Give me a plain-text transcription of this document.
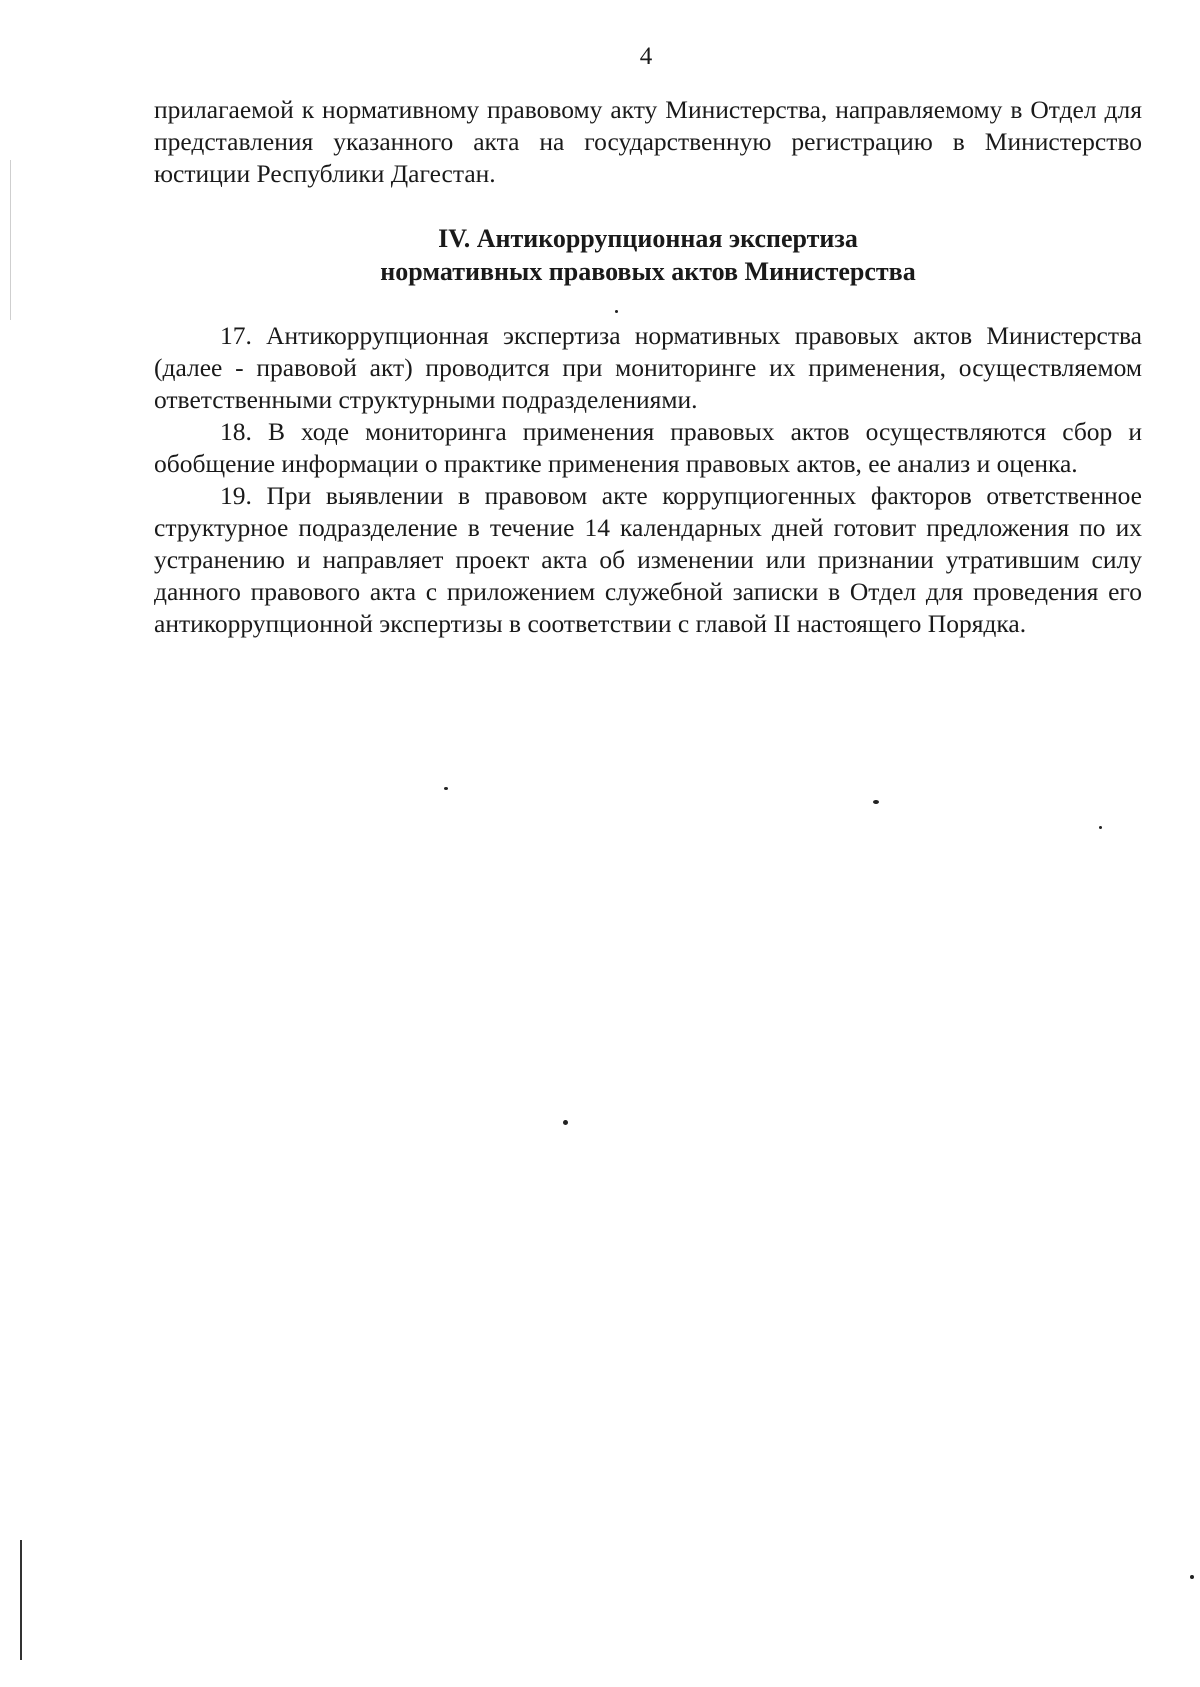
4

прилагаемой к нормативному правовому акту Министерства, направляемому в Отдел для представления указанного акта на государственную регистрацию в Министерство юстиции Республики Дагестан.

IV. Антикоррупционная экспертиза
нормативных правовых актов Министерства

17. Антикоррупционная экспертиза нормативных правовых актов Министерства (далее - правовой акт) проводится при мониторинге их применения, осуществляемом ответственными структурными подразделениями.

18. В ходе мониторинга применения правовых актов осуществляются сбор и обобщение информации о практике применения правовых актов, ее анализ и оценка.

19. При выявлении в правовом акте коррупциогенных факторов ответственное структурное подразделение в течение 14 календарных дней готовит предложения по их устранению и направляет проект акта об изменении или признании утратившим силу данного правового акта с приложением служебной записки в Отдел для проведения его антикоррупционной экспертизы в соответствии с главой II настоящего Порядка.
